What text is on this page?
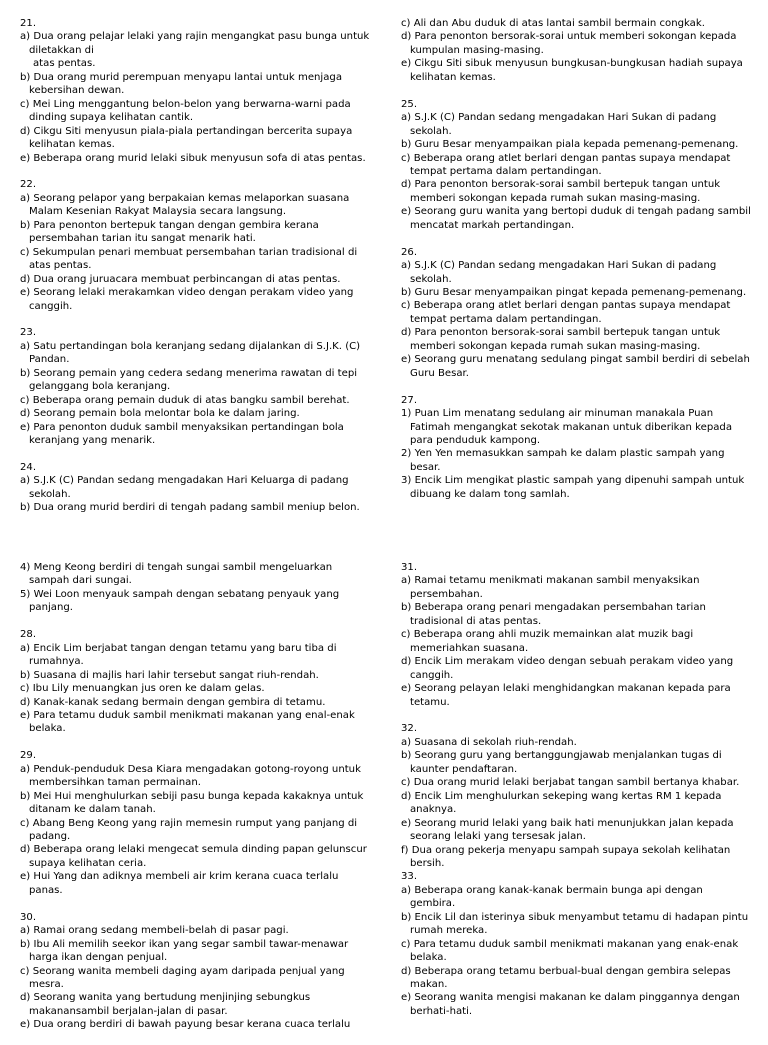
21.
a) Dua orang pelajar lelaki yang rajin mengangkat pasu bunga untuk diletakkan di
atas pentas.
b) Dua orang murid perempuan menyapu lantai untuk menjaga kebersihan dewan.
c) Mei Ling menggantung belon-belon yang berwarna-warni pada dinding supaya kelihatan cantik.
d) Cikgu Siti menyusun piala-piala pertandingan bercerita supaya kelihatan kemas.
e) Beberapa orang murid lelaki sibuk menyusun sofa di atas pentas.
22.
a) Seorang pelapor yang berpakaian kemas melaporkan suasana Malam Kesenian Rakyat Malaysia secara langsung.
b) Para penonton bertepuk tangan dengan gembira kerana persembahan tarian itu sangat menarik hati.
c) Sekumpulan penari membuat persembahan tarian tradisional di atas pentas.
d) Dua orang juruacara membuat perbincangan di atas pentas.
e) Seorang lelaki merakamkan video dengan perakam video yang canggih.
23.
a) Satu pertandingan bola keranjang sedang dijalankan di S.J.K. (C) Pandan.
b) Seorang pemain yang cedera sedang menerima rawatan di tepi gelanggang bola keranjang.
c) Beberapa orang pemain duduk di atas bangku sambil berehat.
d) Seorang pemain bola melontar bola ke dalam jaring.
e) Para penonton duduk sambil menyaksikan pertandingan bola keranjang yang menarik.
24.
a) S.J.K (C) Pandan sedang mengadakan Hari Keluarga di padang sekolah.
b) Dua orang murid berdiri di tengah padang sambil meniup belon.
c) Ali dan Abu duduk di atas lantai sambil bermain congkak.
d) Para penonton bersorak-sorai untuk memberi sokongan kepada kumpulan masing-masing.
e) Cikgu Siti sibuk menyusun bungkusan-bungkusan hadiah supaya kelihatan kemas.
25.
a) S.J.K (C) Pandan sedang mengadakan Hari Sukan di padang sekolah.
b) Guru Besar menyampaikan piala kepada pemenang-pemenang.
c) Beberapa orang atlet berlari dengan pantas supaya mendapat tempat pertama dalam pertandingan.
d) Para penonton bersorak-sorai sambil bertepuk tangan untuk memberi sokongan kepada rumah sukan masing-masing.
e) Seorang guru wanita yang bertopi duduk di tengah padang sambil mencatat markah pertandingan.
26.
a) S.J.K (C) Pandan sedang mengadakan Hari Sukan di padang sekolah.
b) Guru Besar menyampaikan pingat kepada pemenang-pemenang.
c) Beberapa orang atlet berlari dengan pantas supaya mendapat tempat pertama dalam pertandingan.
d) Para penonton bersorak-sorai sambil bertepuk tangan untuk memberi sokongan kepada rumah sukan masing-masing.
e) Seorang guru menatang sedulang pingat sambil berdiri di sebelah Guru Besar.
27.
1) Puan Lim menatang sedulang air minuman manakala Puan Fatimah mengangkat sekotak makanan untuk diberikan kepada para penduduk kampong.
2) Yen Yen memasukkan sampah ke dalam plastic sampah yang besar.
3) Encik Lim mengikat plastic sampah yang dipenuhi sampah untuk dibuang ke dalam tong samlah.
4) Meng Keong berdiri di tengah sungai sambil mengeluarkan sampah dari sungai.
5) Wei Loon menyauk sampah dengan sebatang penyauk yang panjang.
28.
a) Encik Lim berjabat tangan dengan tetamu yang baru tiba di rumahnya.
b) Suasana di majlis hari lahir tersebut sangat riuh-rendah.
c) Ibu Lily menuangkan jus oren ke dalam gelas.
d) Kanak-kanak sedang bermain dengan gembira di tetamu.
e) Para tetamu duduk sambil menikmati makanan yang enal-enak belaka.
29.
a) Penduk-penduduk Desa Kiara mengadakan gotong-royong untuk membersihkan taman permainan.
b) Mei Hui menghulurkan sebiji pasu bunga kepada kakaknya untuk ditanam ke dalam tanah.
c) Abang Beng Keong yang rajin memesin rumput yang panjang di padang.
d) Beberapa orang lelaki mengecat semula dinding papan gelunscur supaya kelihatan ceria.
e) Hui Yang dan adiknya membeli air krim kerana cuaca terlalu panas.
30.
a) Ramai orang sedang membeli-belah di pasar pagi.
b) Ibu Ali memilih seekor ikan yang segar sambil tawar-menawar harga ikan dengan penjual.
c) Seorang wanita membeli daging ayam daripada penjual yang mesra.
d) Seorang wanita yang bertudung menjinjing sebungkus makanansambil berjalan-jalan di pasar.
e) Dua orang berdiri di bawah payung besar kerana cuaca terlalu
31.
a) Ramai tetamu menikmati makanan sambil menyaksikan persembahan.
b) Beberapa orang penari mengadakan persembahan tarian tradisional di atas pentas.
c) Beberapa orang ahli muzik memainkan alat muzik bagi memeriahkan suasana.
d) Encik Lim merakam video dengan sebuah perakam video yang canggih.
e) Seorang pelayan lelaki menghidangkan makanan kepada para tetamu.
32.
a) Suasana di sekolah riuh-rendah.
b) Seorang guru yang bertanggungjawab menjalankan tugas di kaunter pendaftaran.
c) Dua orang murid lelaki berjabat tangan sambil bertanya khabar.
d) Encik Lim menghulurkan sekeping wang kertas RM 1 kepada anaknya.
e) Seorang murid lelaki yang baik hati menunjukkan jalan kepada seorang lelaki yang tersesak jalan.
f) Dua orang pekerja menyapu sampah supaya sekolah kelihatan bersih.
33.
a) Beberapa orang kanak-kanak bermain bunga api dengan gembira.
b) Encik Lil dan isterinya sibuk menyambut tetamu di hadapan pintu rumah mereka.
c) Para tetamu duduk sambil menikmati makanan yang enak-enak belaka.
d) Beberapa orang tetamu berbual-bual dengan gembira selepas makan.
e) Seorang wanita mengisi makanan ke dalam pinggannya dengan berhati-hati.
